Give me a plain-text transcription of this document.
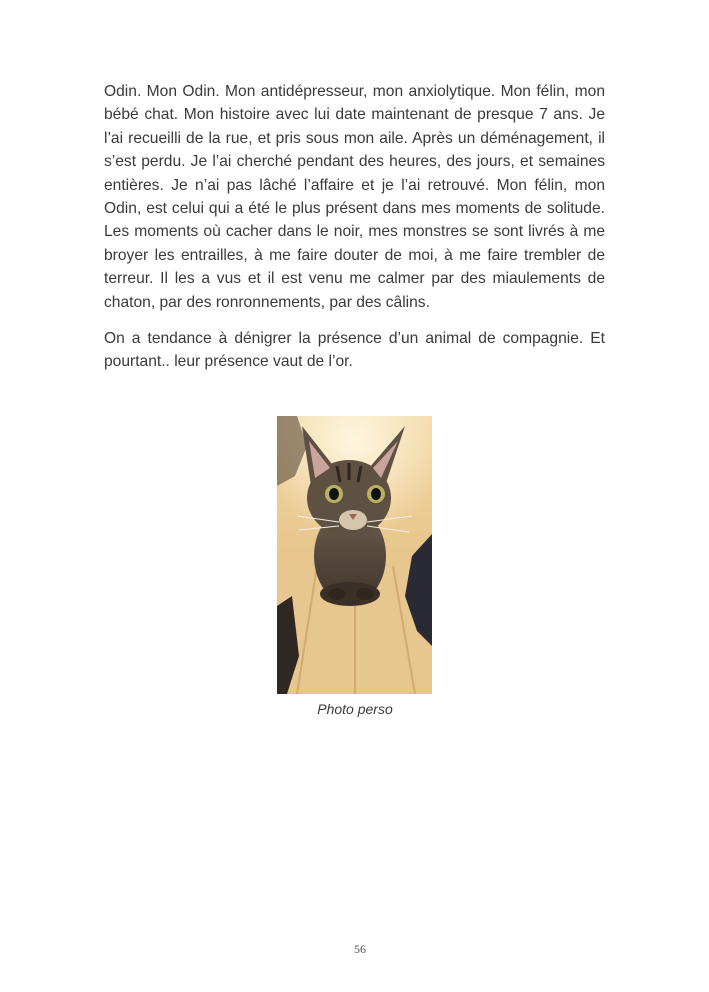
Odin. Mon Odin. Mon antidépresseur, mon anxiolytique. Mon félin, mon bébé chat. Mon histoire avec lui date maintenant de presque 7 ans. Je l’ai recueilli de la rue, et pris sous mon aile. Après un déménagement, il s’est perdu. Je l’ai cherché pendant des heures, des jours, et semaines entières. Je n’ai pas lâché l’affaire et je l’ai retrouvé. Mon félin, mon Odin, est celui qui a été le plus présent dans mes moments de solitude. Les moments où cacher dans le noir, mes monstres se sont livrés à me broyer les entrailles, à me faire douter de moi, à me faire trembler de terreur. Il les a vus et il est venu me calmer par des miaulements de chaton, par des ronronnements, par des câlins.

On a tendance à dénigrer la présence d’un animal de compagnie. Et pourtant.. leur présence vaut de l’or.

Photo perso
56
